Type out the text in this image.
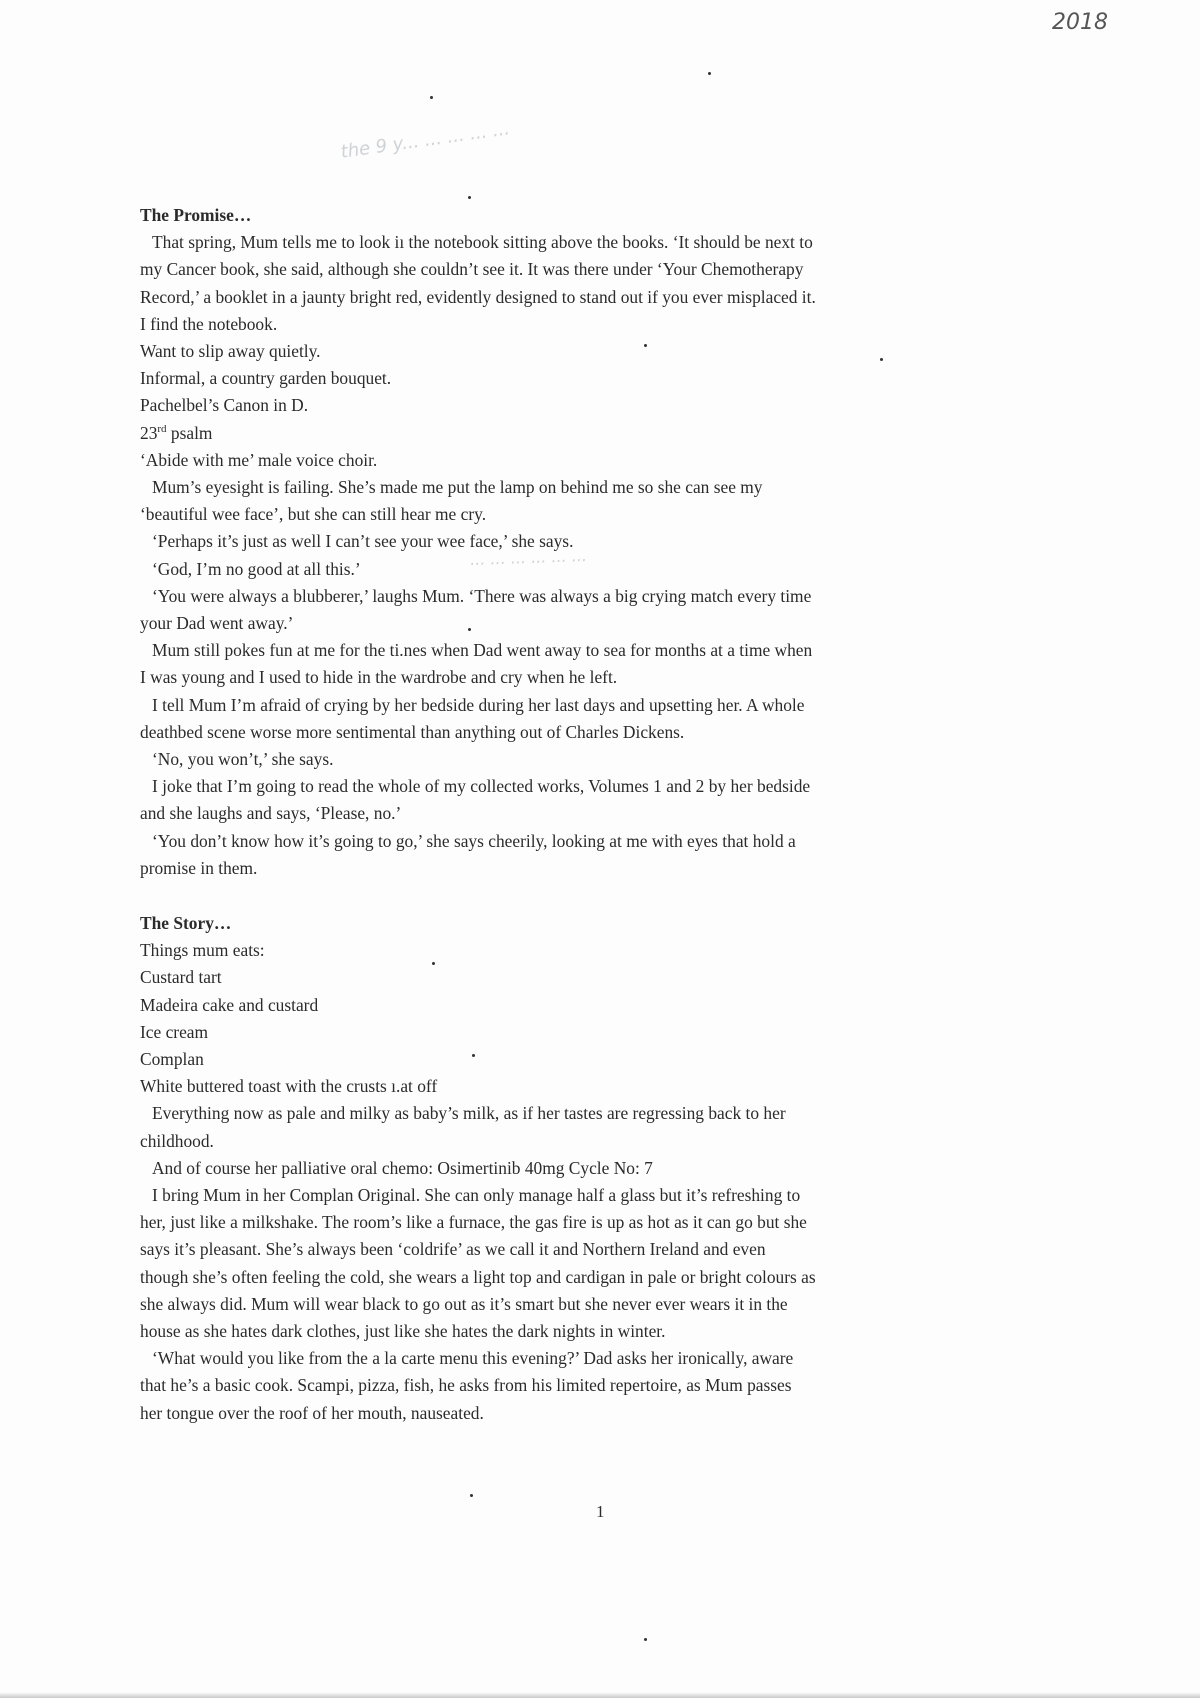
2018
the 9 y... ... ... ... ...
... ... ... ... ... ...

The Promise…

That spring, Mum tells me to look iı the notebook sitting above the books. ‘It should be next to

my Cancer book, she said, although she couldn’t see it. It was there under ‘Your Chemotherapy

Record,’ a booklet in a jaunty bright red, evidently designed to stand out if you ever misplaced it.

I find the notebook.

Want to slip away quietly.

Informal, a country garden bouquet.

Pachelbel’s Canon in D.

23rd psalm

‘Abide with me’ male voice choir.

Mum’s eyesight is failing. She’s made me put the lamp on behind me so she can see my

‘beautiful wee face’, but she can still hear me cry.

‘Perhaps it’s just as well I can’t see your wee face,’ she says.

‘God, I’m no good at all this.’

‘You were always a blubberer,’ laughs Mum. ‘There was always a big crying match every time

your Dad went away.’

Mum still pokes fun at me for the ti.nes when Dad went away to sea for months at a time when

I was young and I used to hide in the wardrobe and cry when he left.

I tell Mum I’m afraid of crying by her bedside during her last days and upsetting her. A whole

deathbed scene worse more sentimental than anything out of Charles Dickens.

‘No, you won’t,’ she says.

I joke that I’m going to read the whole of my collected works, Volumes 1 and 2 by her bedside

and she laughs and says, ‘Please, no.’

‘You don’t know how it’s going to go,’ she says cheerily, looking at me with eyes that hold a

promise in them.

The Story…

Things mum eats:

Custard tart

Madeira cake and custard

Ice cream

Complan

White buttered toast with the crusts ı.at off

Everything now as pale and milky as baby’s milk, as if her tastes are regressing back to her

childhood.

And of course her palliative oral chemo: Osimertinib 40mg Cycle No: 7

I bring Mum in her Complan Original. She can only manage half a glass but it’s refreshing to

her, just like a milkshake. The room’s like a furnace, the gas fire is up as hot as it can go but she

says it’s pleasant. She’s always been ‘coldrife’ as we call it and Northern Ireland and even

though she’s often feeling the cold, she wears a light top and cardigan in pale or bright colours as

she always did. Mum will wear black to go out as it’s smart but she never ever wears it in the

house as she hates dark clothes, just like she hates the dark nights in winter.

‘What would you like from the a la carte menu this evening?’ Dad asks her ironically, aware

that he’s a basic cook. Scampi, pizza, fish, he asks from his limited repertoire, as Mum passes

her tongue over the roof of her mouth, nauseated.

1
